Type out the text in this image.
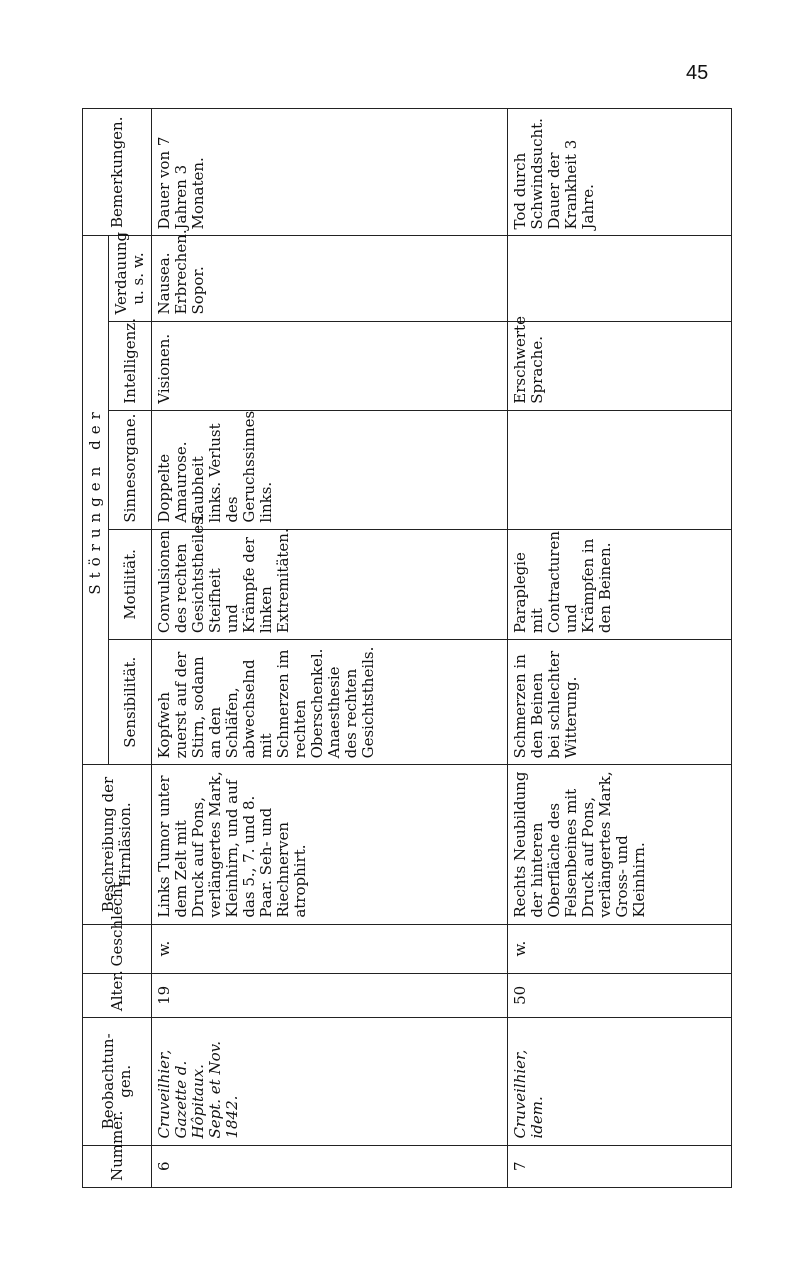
45
Nummer.	Beobachtun-gen.	Alter.	Geschlecht.	Beschreibung der Hirnläsion.	Störungen der					Bemerkungen.
					Sensibilität.	Motilität.	Sinnesorgane.	Intelligenz.	Verdauung u. s. w.	
6	Cruveilhier, Gazette d. Hôpitaux. Sept. et Nov. 1842.	19	w.	Links Tumor unter dem Zelt mit Druck auf Pons, verlängertes Mark, Kleinhirn, und auf das 5., 7. und 8. Paar. Seh- und Riechnerven atrophirt.	Kopfweh zuerst auf der Stirn, sodann an den Schläfen, abwechselnd mit Schmerzen im rechten Oberschenkel. Anaesthesie des rechten Gesichtstheils.	Convulsionen des rechten Gesichtstheiles. Steifheit und Krämpfe der linken Extremitäten.	Doppelte Amaurose. Taubheit links. Verlust des Geruchssinnes links.	Visionen.	Nausea. Erbrechen. Sopor.	Dauer von 7 Jahren 3 Monaten.
7	Cruveilhier, idem.	50	w.	Rechts Neubildung der hinteren Oberfläche des Felsenbeines mit Druck auf Pons, verlängertes Mark, Gross- und Kleinhirn.	Schmerzen in den Beinen bei schlechter Witterung.	Paraplegie mit Contracturen und Krämpfen in den Beinen.		Erschwerte Sprache.		Tod durch Schwindsucht. Dauer der Krankheit 3 Jahre.
